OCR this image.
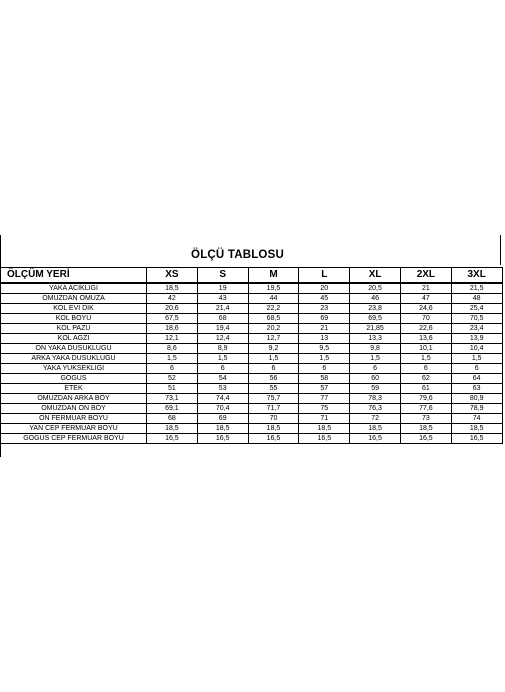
ÖLÇÜ TABLOSU
ÖLÇÜM YERİ	XS	S	M	L	XL	2XL	3XL
YAKA ACIKLIGI	18,5	19	19,5	20	20,5	21	21,5
OMUZDAN OMUZA	42	43	44	45	46	47	48
KOL EVI DIK	20,6	21,4	22,2	23	23,8	24,6	25,4
KOL BOYU	67,5	68	68,5	69	69,5	70	70,5
KOL PAZU	18,6	19,4	20,2	21	21,85	22,6	23,4
KOL AGZI	12,1	12,4	12,7	13	13,3	13,6	13,9
ON YAKA DUSUKLUGU	8,6	8,9	9,2	9,5	9,8	10,1	10,4
ARKA YAKA DUSUKLUGU	1,5	1,5	1,5	1,5	1,5	1,5	1,5
YAKA YUKSEKLIGI	6	6	6	6	6	6	6
GOGUS	52	54	56	58	60	62	64
ETEK	51	53	55	57	59	61	63
OMUZDAN ARKA BOY	73,1	74,4	75,7	77	78,3	79,6	80,9
OMUZDAN ON BOY	69,1	70,4	71,7	75	76,3	77,6	78,9
ON FERMUAR BOYU	68	69	70	71	72	73	74
YAN CEP FERMUAR BOYU	18,5	18,5	18,5	18,5	18,5	18,5	18,5
GOGUS CEP FERMUAR BOYU	16,5	16,5	16,5	16,5	16,5	16,5	16,5
